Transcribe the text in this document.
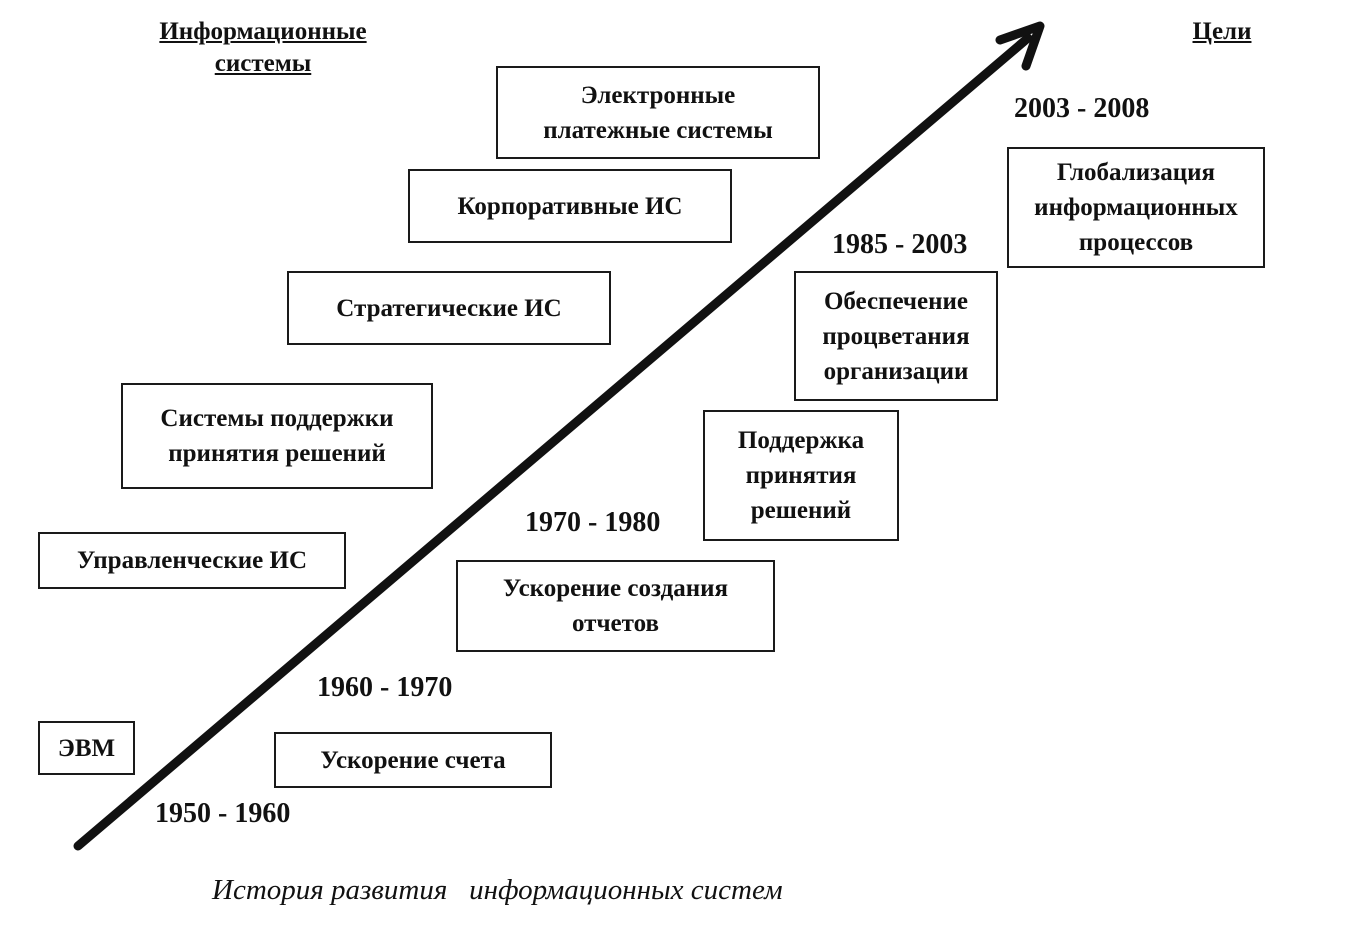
Информационные
системы
Цели
ЭВМ
Управленческие ИС
Системы поддержки
принятия решений
Стратегические ИС
Корпоративные ИС
Электронные
платежные системы
Ускорение счета
Ускорение создания
отчетов
Поддержка
принятия
решений
Обеспечение
процветания
организации
Глобализация
информационных
процессов
1950 - 1960
1960 - 1970
1970 - 1980
1985 - 2003
2003 - 2008
История развития   информационных систем
